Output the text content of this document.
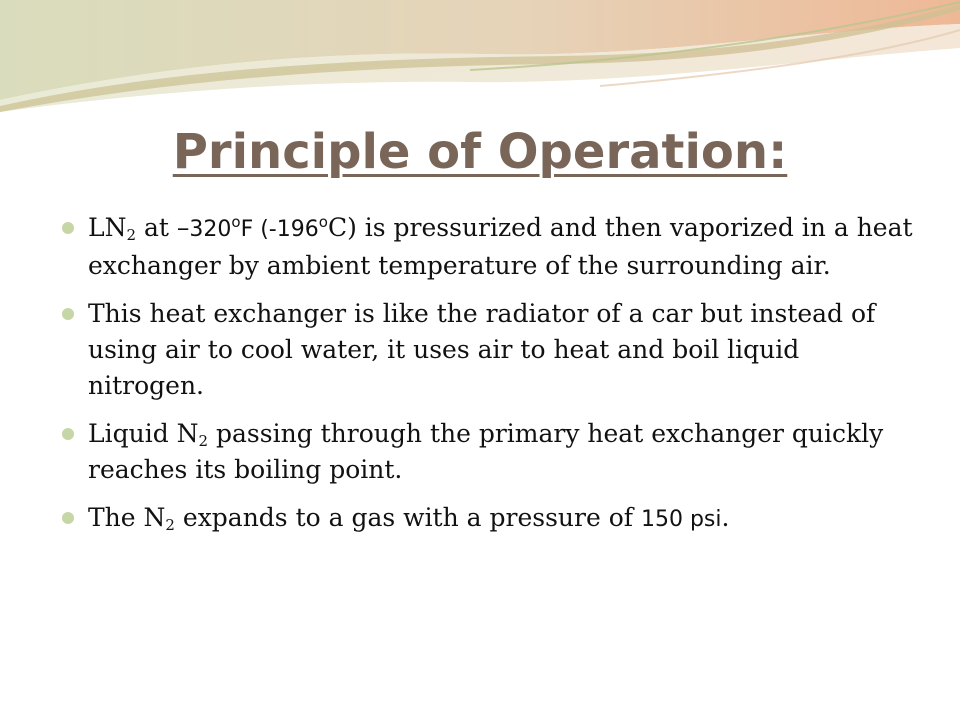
Principle of Operation:
$LN_2$ at –320$^o$F (-196$^o$C) is pressurized and then vaporized in a heat exchanger by ambient temperature of the surrounding air.
This heat exchanger is like the radiator of a car but instead of using air to cool water, it uses air to heat and boil liquid nitrogen.
Liquid $N_2$ passing through the primary heat exchanger quickly reaches its boiling point.
The $N_2$ expands to a gas with a pressure of 150 psi.
